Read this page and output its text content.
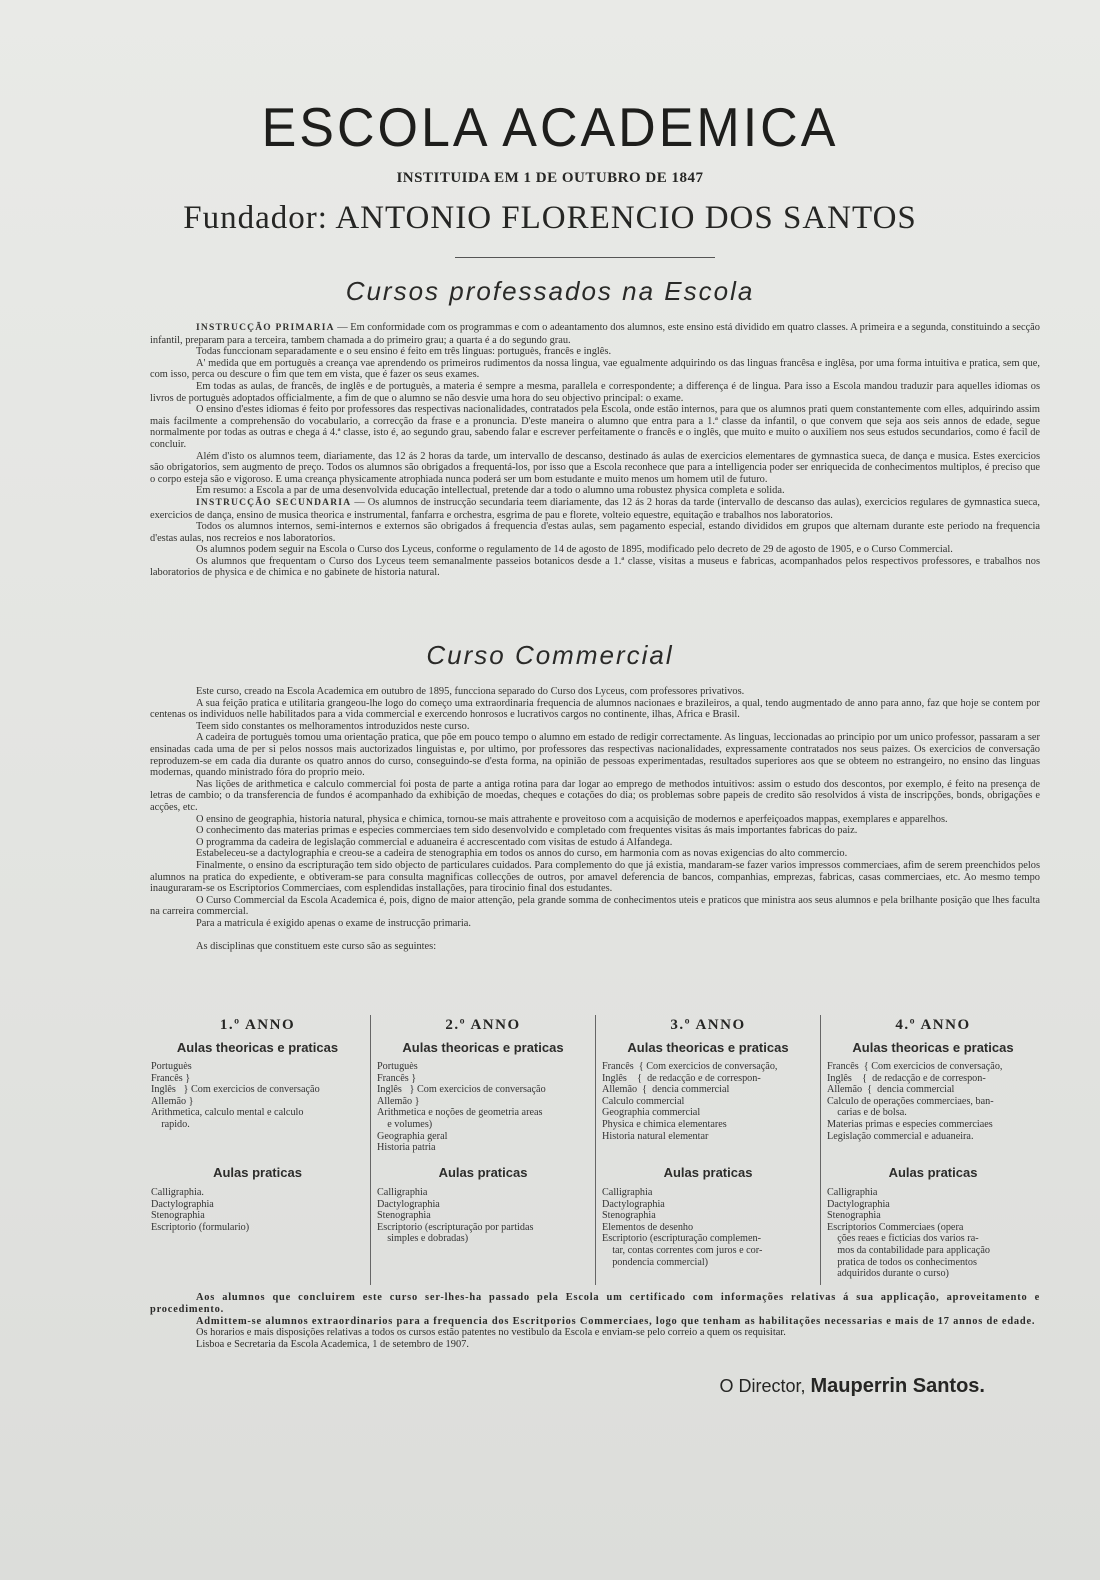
ESCOLA ACADEMICA
INSTITUIDA EM 1 DE OUTUBRO DE 1847
Fundador: ANTONIO FLORENCIO DOS SANTOS
Cursos professados na Escola

INSTRUCÇÃO PRIMARIA — Em conformidade com os programmas e com o adeantamento dos alumnos, este ensino está dividido em quatro classes. A primeira e a segunda, constituindo a secção infantil, preparam para a terceira, tambem chamada a do primeiro grau; a quarta é a do segundo grau.

Todas funccionam separadamente e o seu ensino é feito em três linguas: portuguès, francês e inglês.

A' medida que em portuguès a creança vae aprendendo os primeiros rudimentos da nossa lingua, vae egualmente adquirindo os das linguas francêsa e inglêsa, por uma forma intuitiva e pratica, sem que, com isso, perca ou descure o fim que tem em vista, que é fazer os seus exames.

Em todas as aulas, de francês, de inglês e de portuguès, a materia é sempre a mesma, parallela e correspondente; a differença é de lingua. Para isso a Escola mandou traduzir para aquelles idiomas os livros de portuguès adoptados officialmente, a fim de que o alumno se não desvie uma hora do seu objectivo principal: o exame.

O ensino d'estes idiomas é feito por professores das respectivas nacionalidades, contratados pela Escola, onde estão internos, para que os alumnos prati quem constantemente com elles, adquirindo assim mais facilmente a comprehensão do vocabulario, a correcção da frase e a pronuncia. D'este maneira o alumno que entra para a 1.ª classe da infantil, o que convem que seja aos seis annos de edade, segue normalmente por todas as outras e chega á 4.ª classe, isto é, ao segundo grau, sabendo falar e escrever perfeitamente o francês e o inglês, que muito e muito o auxiliem nos seus estudos secundarios, como é facil de concluir.

Além d'isto os alumnos teem, diariamente, das 12 ás 2 horas da tarde, um intervallo de descanso, destinado ás aulas de exercicios elementares de gymnastica sueca, de dança e musica. Estes exercicios são obrigatorios, sem augmento de preço. Todos os alumnos são obrigados a frequentá-los, por isso que a Escola reconhece que para a intelligencia poder ser enriquecida de conhecimentos multiplos, é preciso que o corpo esteja são e vigoroso. E uma creança physicamente atrophiada nunca poderá ser um bom estudante e muito menos um homem util de futuro.

Em resumo: a Escola a par de uma desenvolvida educação intellectual, pretende dar a todo o alumno uma robustez physica completa e solida.

INSTRUCÇÃO SECUNDARIA — Os alumnos de instrucção secundaria teem diariamente, das 12 ás 2 horas da tarde (intervallo de descanso das aulas), exercicios regulares de gymnastica sueca, exercicios de dança, ensino de musica theorica e instrumental, fanfarra e orchestra, esgrima de pau e florete, volteio equestre, equitação e trabalhos nos laboratorios.

Todos os alumnos internos, semi-internos e externos são obrigados á frequencia d'estas aulas, sem pagamento especial, estando divididos em grupos que alternam durante este periodo na frequencia d'estas aulas, nos recreios e nos laboratorios.

Os alumnos podem seguir na Escola o Curso dos Lyceus, conforme o regulamento de 14 de agosto de 1895, modificado pelo decreto de 29 de agosto de 1905, e o Curso Commercial.

Os alumnos que frequentam o Curso dos Lyceus teem semanalmente passeios botanicos desde a 1.ª classe, visitas a museus e fabricas, acompanhados pelos respectivos professores, e trabalhos nos laboratorios de physica e de chimica e no gabinete de historia natural.

Curso Commercial

Este curso, creado na Escola Academica em outubro de 1895, funcciona separado do Curso dos Lyceus, com professores privativos.

A sua feição pratica e utilitaria grangeou-lhe logo do começo uma extraordinaria frequencia de alumnos nacionaes e brazileiros, a qual, tendo augmentado de anno para anno, faz que hoje se contem por centenas os individuos nelle habilitados para a vida commercial e exercendo honrosos e lucrativos cargos no continente, ilhas, Africa e Brasil.

Teem sido constantes os melhoramentos introduzidos neste curso.

A cadeira de portuguès tomou uma orientação pratica, que põe em pouco tempo o alumno em estado de redigir correctamente. As linguas, leccionadas ao principio por um unico professor, passaram a ser ensinadas cada uma de per si pelos nossos mais auctorizados linguistas e, por ultimo, por professores das respectivas nacionalidades, expressamente contratados nos seus paizes. Os exercicios de conversação reproduzem-se em cada dia durante os quatro annos do curso, conseguindo-se d'esta forma, na opinião de pessoas experimentadas, resultados superiores aos que se obteem no estrangeiro, no ensino das linguas modernas, quando ministrado fóra do proprio meio.

Nas lições de arithmetica e calculo commercial foi posta de parte a antiga rotina para dar logar ao emprego de methodos intuitivos: assim o estudo dos descontos, por exemplo, é feito na presença de letras de cambio; o da transferencia de fundos é acompanhado da exhibição de moedas, cheques e cotações do dia; os problemas sobre papeis de credito são resolvidos á vista de inscripções, bonds, obrigações e acções, etc.

O ensino de geographia, historia natural, physica e chimica, tornou-se mais attrahente e proveitoso com a acquisição de modernos e aperfeiçoados mappas, exemplares e apparelhos.

O conhecimento das materias primas e especies commerciaes tem sido desenvolvido e completado com frequentes visitas ás mais importantes fabricas do paiz.

O programma da cadeira de legislação commercial e aduaneira é accrescentado com visitas de estudo á Alfandega.

Estabeleceu-se a dactylographia e creou-se a cadeira de stenographia em todos os annos do curso, em harmonia com as novas exigencias do alto commercio.

Finalmente, o ensino da escripturação tem sido objecto de particulares cuidados. Para complemento do que já existia, mandaram-se fazer varios impressos commerciaes, afim de serem preenchidos pelos alumnos na pratica do expediente, e obtiveram-se para consulta magnificas collecções de outros, por amavel deferencia de bancos, companhias, emprezas, fabricas, casas commerciaes, etc. Ao mesmo tempo inauguraram-se os Escriptorios Commerciaes, com esplendidas installações, para tirocinio final dos estudantes.

O Curso Commercial da Escola Academica é, pois, digno de maior attenção, pela grande somma de conhecimentos uteis e praticos que ministra aos seus alumnos e pela brilhante posição que lhes faculta na carreira commercial.

Para a matricula é exigido apenas o exame de instrucção primaria.

As disciplinas que constituem este curso são as seguintes:

1.º ANNO
Aulas theoricas e praticas
Portuguès
Francês }
Inglês   } Com exercicios de conversação
Allemão }
Arithmetica, calculo mental e calculo
rapido.
Aulas praticas
Calligraphia.
Dactylographia
Stenographia
Escriptorio (formulario)
2.º ANNO
Aulas theoricas e praticas
Portuguès
Francês }
Inglês   } Com exercicios de conversação
Allemão }
Arithmetica e noções de geometria areas
e volumes)
Geographia geral
Historia patria
Aulas praticas
Calligraphia
Dactylographia
Stenographia
Escriptorio (escripturação por partidas
simples e dobradas)
3.º ANNO
Aulas theoricas e praticas
Francês  { Com exercicios de conversação,
Inglês    {  de redacção e de correspon-
Allemão  {  dencia commercial
Calculo commercial
Geographia commercial
Physica e chimica elementares
Historia natural elementar
Aulas praticas
Calligraphia
Dactylographia
Stenographia
Elementos de desenho
Escriptorio (escripturação complemen-
tar, contas correntes com juros e cor-
pondencia commercial)
4.º ANNO
Aulas theoricas e praticas
Francês  { Com exercicios de conversação,
Inglês    {  de redacção e de correspon-
Allemão  {  dencia commercial
Calculo de operações commerciaes, ban-
carias e de bolsa.
Materias primas e especies commerciaes
Legislação commercial e aduaneira.
Aulas praticas
Calligraphia
Dactylographia
Stenographia
Escriptorios Commerciaes (opera
ções reaes e ficticias dos varios ra-
mos da contabilidade para applicação
pratica de todos os conhecimentos
adquiridos durante o curso)

Aos alumnos que concluirem este curso ser-lhes-ha passado pela Escola um certificado com informações relativas á sua applicação, aproveitamento e procedimento.

Admittem-se alumnos extraordinarios para a frequencia dos Escritporios Commerciaes, logo que tenham as habilitações necessarias e mais de 17 annos de edade.

Os horarios e mais disposições relativas a todos os cursos estão patentes no vestibulo da Escola e enviam-se pelo correio a quem os requisitar.

Lisboa e Secretaria da Escola Academica, 1 de setembro de 1907.

O Director, Mauperrin Santos.
